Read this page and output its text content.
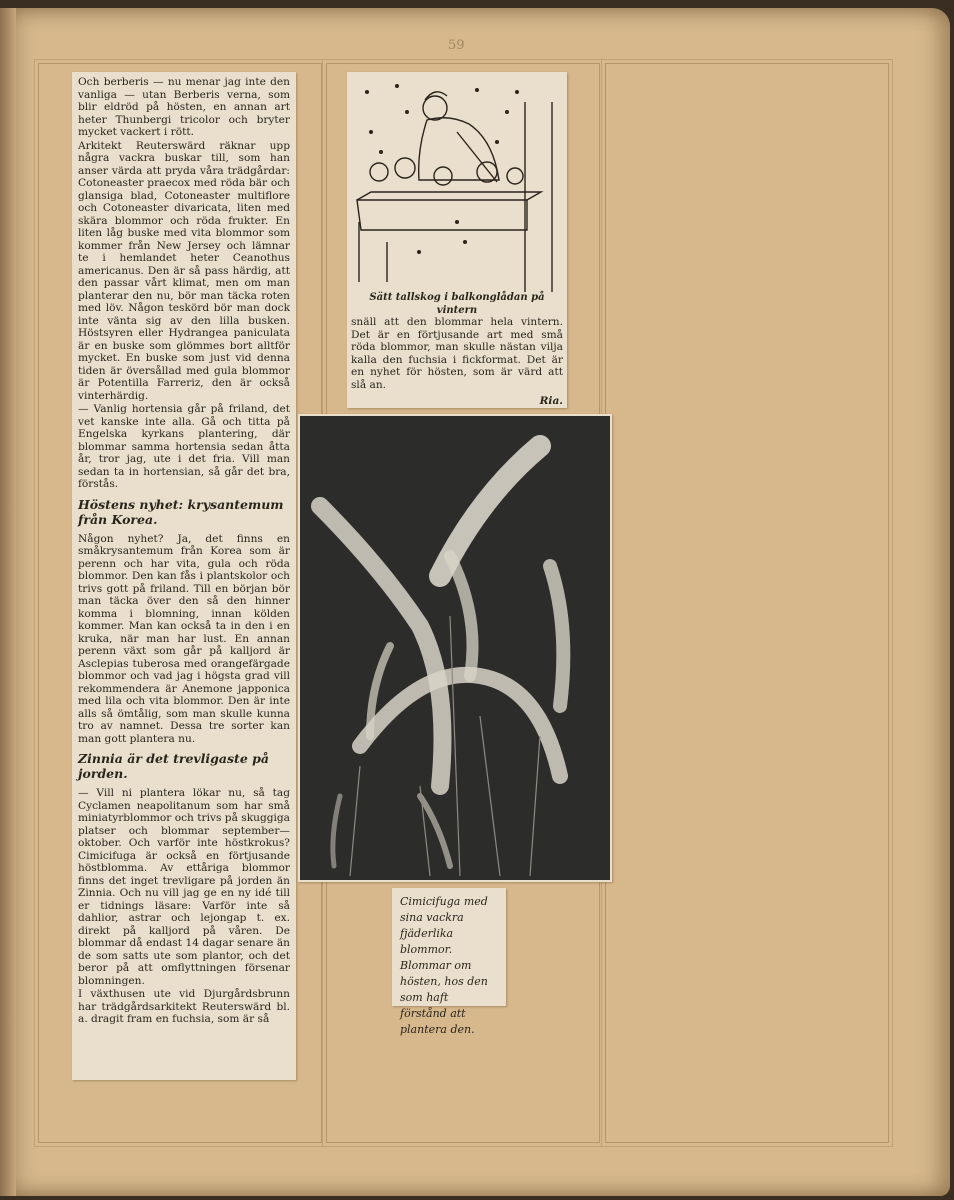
59

Och berberis — nu menar jag inte den vanliga — utan Berberis verna, som blir eldröd på hösten, en annan art heter Thunbergi tricolor och bryter mycket vackert i rött.

Arkitekt Reuterswärd räknar upp några vackra buskar till, som han anser värda att pryda våra trädgårdar: Cotoneaster praecox med röda bär och glansiga blad, Cotoneaster multiflore och Cotoneaster divaricata, liten med skära blommor och röda frukter. En liten låg buske med vita blommor som kommer från New Jersey och lämnar te i hemlandet heter Ceanothus americanus. Den är så pass härdig, att den passar vårt klimat, men om man planterar den nu, bör man täcka roten med löv. Någon teskörd bör man dock inte vänta sig av den lilla busken. Höstsyren eller Hydrangea paniculata är en buske som glömmes bort alltför mycket. En buske som just vid denna tiden är översållad med gula blommor är Potentilla Farreriz, den är också vinterhärdig.

— Vanlig hortensia går på friland, det vet kanske inte alla. Gå och titta på Engelska kyrkans plantering, där blommar samma hortensia sedan åtta år, tror jag, ute i det fria. Vill man sedan ta in hortensian, så går det bra, förstås.

Höstens nyhet: krysantemum från Korea.

Någon nyhet? Ja, det finns en småkrysantemum från Korea som är perenn och har vita, gula och röda blommor. Den kan fås i plantskolor och trivs gott på friland. Till en början bör man täcka över den så den hinner komma i blomning, innan kölden kommer. Man kan också ta in den i en kruka, när man har lust. En annan perenn växt som går på kalljord är Asclepias tuberosa med orangefärgade blommor och vad jag i högsta grad vill rekommendera är Anemone japponica med lila och vita blommor. Den är inte alls så ömtålig, som man skulle kunna tro av namnet. Dessa tre sorter kan man gott plantera nu.

Zinnia är det trevligaste på jorden.

— Vill ni plantera lökar nu, så tag Cyclamen neapolitanum som har små miniatyrblommor och trivs på skuggiga platser och blommar september—oktober. Och varför inte höstkrokus? Cimicifuga är också en förtjusande höstblomma. Av ettåriga blommor finns det inget trevligare på jorden än Zinnia. Och nu vill jag ge en ny idé till er tidnings läsare: Varför inte så dahlior, astrar och lejongap t. ex. direkt på kalljord på våren. De blommar då endast 14 dagar senare än de som satts ute som plantor, och det beror på att omflyttningen försenar blomningen.

I växthusen ute vid Djurgårdsbrunn har trädgårdsarkitekt Reuterswärd bl. a. dragit fram en fuchsia, som är så

Sätt tallskog i balkonglådan på vintern

snäll att den blommar hela vintern. Det är en förtjusande art med små röda blommor, man skulle nästan vilja kalla den fuchsia i fickformat. Det är en nyhet för hösten, som är värd att slå an.

Ria.
Cimicifuga med sina vackra fjäderlika blommor. Blommar om hösten, hos den som haft förstånd att plantera den.
